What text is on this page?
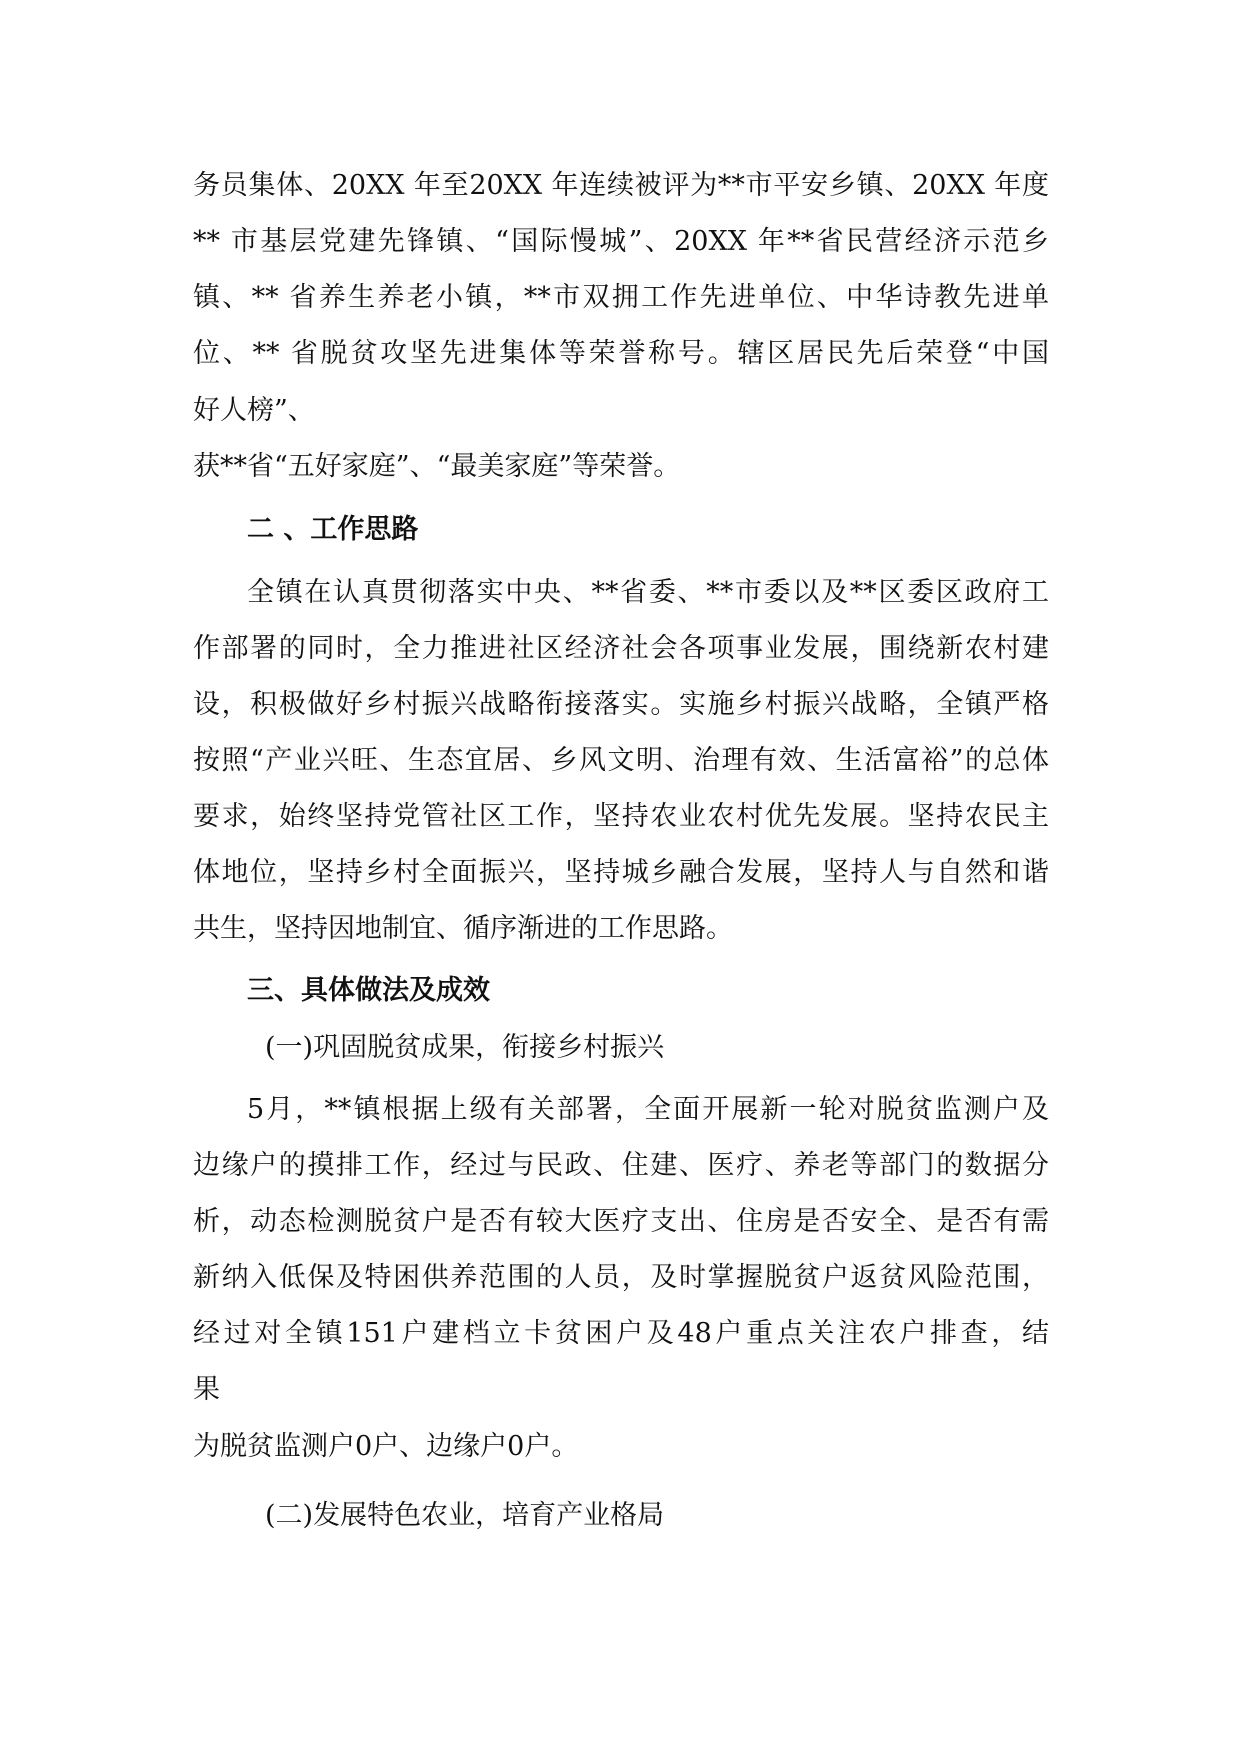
务员集体、20XX 年至20XX 年连续被评为**市平安乡镇、20XX 年度
** 市基层党建先锋镇、“国际慢城”、20XX 年**省民营经济示范乡
镇、** 省养生养老小镇，**市双拥工作先进单位、中华诗教先进单
位、** 省脱贫攻坚先进集体等荣誉称号。辖区居民先后荣登“中国
好人榜”、
获**省“五好家庭”、“最美家庭”等荣誉。
二 、工作思路
全镇在认真贯彻落实中央、**省委、**市委以及**区委区政府工
作部署的同时，全力推进社区经济社会各项事业发展，围绕新农村建
设，积极做好乡村振兴战略衔接落实。实施乡村振兴战略，全镇严格
按照“产业兴旺、生态宜居、乡风文明、治理有效、生活富裕”的总体
要求，始终坚持党管社区工作，坚持农业农村优先发展。坚持农民主
体地位，坚持乡村全面振兴，坚持城乡融合发展，坚持人与自然和谐
共生，坚持因地制宜、循序渐进的工作思路。
三、具体做法及成效
(一)巩固脱贫成果，衔接乡村振兴
5月，**镇根据上级有关部署，全面开展新一轮对脱贫监测户及
边缘户的摸排工作，经过与民政、住建、医疗、养老等部门的数据分
析，动态检测脱贫户是否有较大医疗支出、住房是否安全、是否有需
新纳入低保及特困供养范围的人员，及时掌握脱贫户返贫风险范围，
经过对全镇151户建档立卡贫困户及48户重点关注农户排查，结
果
为脱贫监测户0户、边缘户0户。
(二)发展特色农业，培育产业格局
